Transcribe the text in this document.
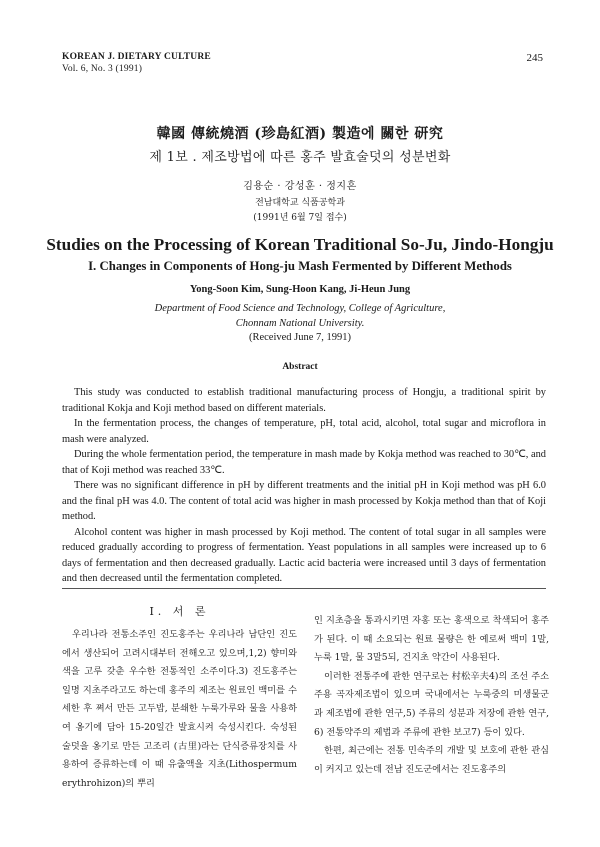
KOREAN J. DIETARY CULTURE
Vol. 6, No. 3 (1991)
245
韓國 傳統燒酒 (珍島紅酒) 製造에 關한 研究
제 1보 . 제조방법에 따른 홍주 발효술덧의 성분변화
김용순 · 강성훈 · 정지흔
전남대학교 식품공학과
(1991년 6월 7일 접수)
Studies on the Processing of Korean Traditional So-Ju, Jindo-Hongju
I. Changes in Components of Hong-ju Mash Fermented by Different Methods
Yong-Soon Kim, Sung-Hoon Kang, Ji-Heun Jung
Department of Food Science and Technology, College of Agriculture,
Chonnam National University.
(Received June 7, 1991)
Abstract

This study was conducted to establish traditional manufacturing process of Hongju, a traditional spirit by traditional Kokja and Koji method based on different materials.

In the fermentation process, the changes of temperature, pH, total acid, alcohol, total sugar and microflora in mash were analyzed.

During the whole fermentation period, the temperature in mash made by Kokja method was reached to 30℃, and that of Koji method was reached 33℃.

There was no significant difference in pH by different treatments and the initial pH in Koji method was pH 6.0 and the final pH was 4.0. The content of total acid was higher in mash processed by Kokja method than that of Koji method.

Alcohol content was higher in mash processed by Koji method. The content of total sugar in all samples were reduced gradually according to progress of fermentation. Yeast populations in all samples were increased up to 6 days of fermentation and then decreased gradually. Lactic acid bacteria were increased until 3 days of fermentation and then decreased until the fermentation completed.

I. 서 론

우리나라 전통소주인 진도홍주는 우리나라 남단인 진도에서 생산되어 고려시대부터 전해오고 있으며,1,2) 향미와 색을 고루 갖춘 우수한 전통적인 소주이다.3) 진도홍주는 일명 지초주라고도 하는데 홍주의 제조는 원료인 백미를 수세한 후 쪄서 만든 고두밥, 분쇄한 누룩가루와 물을 사용하여 옹기에 담아 15-20일간 발효시켜 숙성시킨다. 숙성된 술덧을 옹기로 만든 고조리 (古里)라는 단식증류장치를 사용하여 증류하는데 이 때 유출액을 지초(Lithospermum erythrohizon)의 뿌리

인 지초층을 통과시키면 자홍 또는 홍색으로 착색되어 홍주가 된다. 이 때 소요되는 원료 물량은 한 예로써 백미 1말, 누룩 1말, 물 3말5되, 건지초 약간이 사용된다.

이러한 전통주에 관한 연구로는 村松辛夫4)의 조선 주소주용 곡자제조법이 있으며 국내에서는 누룩중의 미생물군과 제조법에 관한 연구,5) 주류의 성분과 저장에 관한 연구,6) 전통약주의 제법과 주류에 관한 보고7) 등이 있다.

한편, 최근에는 전통 민속주의 개발 및 보호에 관한 관심이 커지고 있는데 전남 진도군에서는 진도홍주의
